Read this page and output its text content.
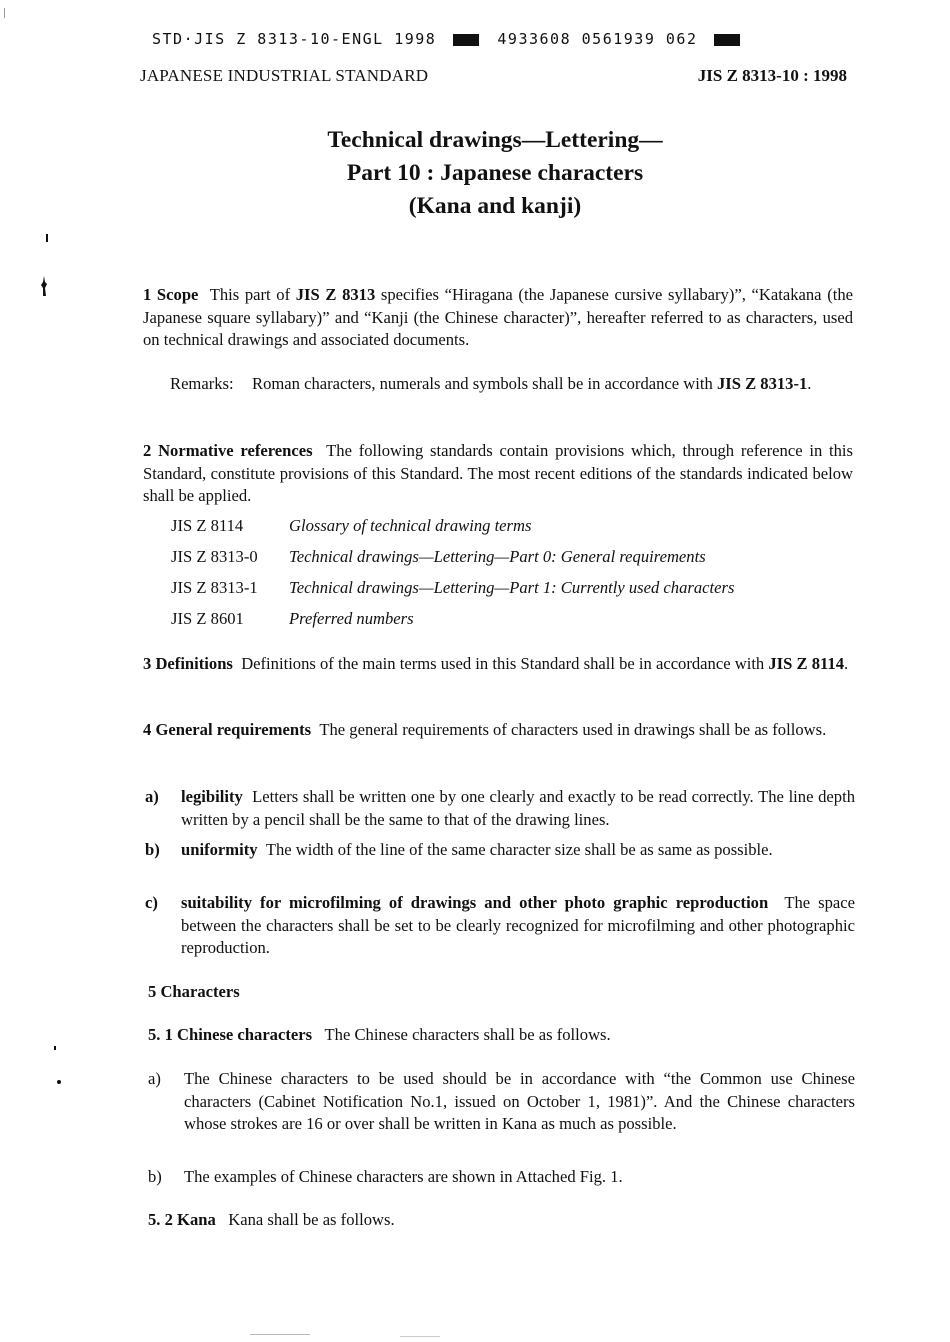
STD·JIS Z 8313-10-ENGL 1998	4933608 0561939 062
JAPANESE INDUSTRIAL STANDARD	JIS Z 8313-10 : 1998
Technical drawings—Lettering—
Part 10 : Japanese characters
(Kana and kanji)
1 Scope This part of JIS Z 8313 specifies “Hiragana (the Japanese cursive syllabary)”, “Katakana (the Japanese square syllabary)” and “Kanji (the Chinese character)”, hereafter referred to as characters, used on technical drawings and associated documents.
Remarks: Roman characters, numerals and symbols shall be in accordance with JIS Z 8313-1.
2 Normative references The following standards contain provisions which, through reference in this Standard, constitute provisions of this Standard. The most recent editions of the standards indicated below shall be applied.
JIS Z 8114	Glossary of technical drawing terms
JIS Z 8313-0 Technical drawings—Lettering—Part 0: General requirements
JIS Z 8313-1 Technical drawings—Lettering—Part 1: Currently used characters
JIS Z 8601	Preferred numbers
3 Definitions Definitions of the main terms used in this Standard shall be in accordance with JIS Z 8114.
4 General requirements The general requirements of characters used in drawings shall be as follows.
a) legibility Letters shall be written one by one clearly and exactly to be read correctly. The line depth written by a pencil shall be the same to that of the drawing lines.
b) uniformity The width of the line of the same character size shall be as same as possible.
c) suitability for microfilming of drawings and other photo graphic reproduction The space between the characters shall be set to be clearly recognized for microfilming and other photographic reproduction.
5 Characters
5. 1 Chinese characters The Chinese characters shall be as follows.
a) The Chinese characters to be used should be in accordance with “the Common use Chinese characters (Cabinet Notification No.1, issued on October 1, 1981)”. And the Chinese characters whose strokes are 16 or over shall be written in Kana as much as possible.
b) The examples of Chinese characters are shown in Attached Fig. 1.
5. 2 Kana Kana shall be as follows.
